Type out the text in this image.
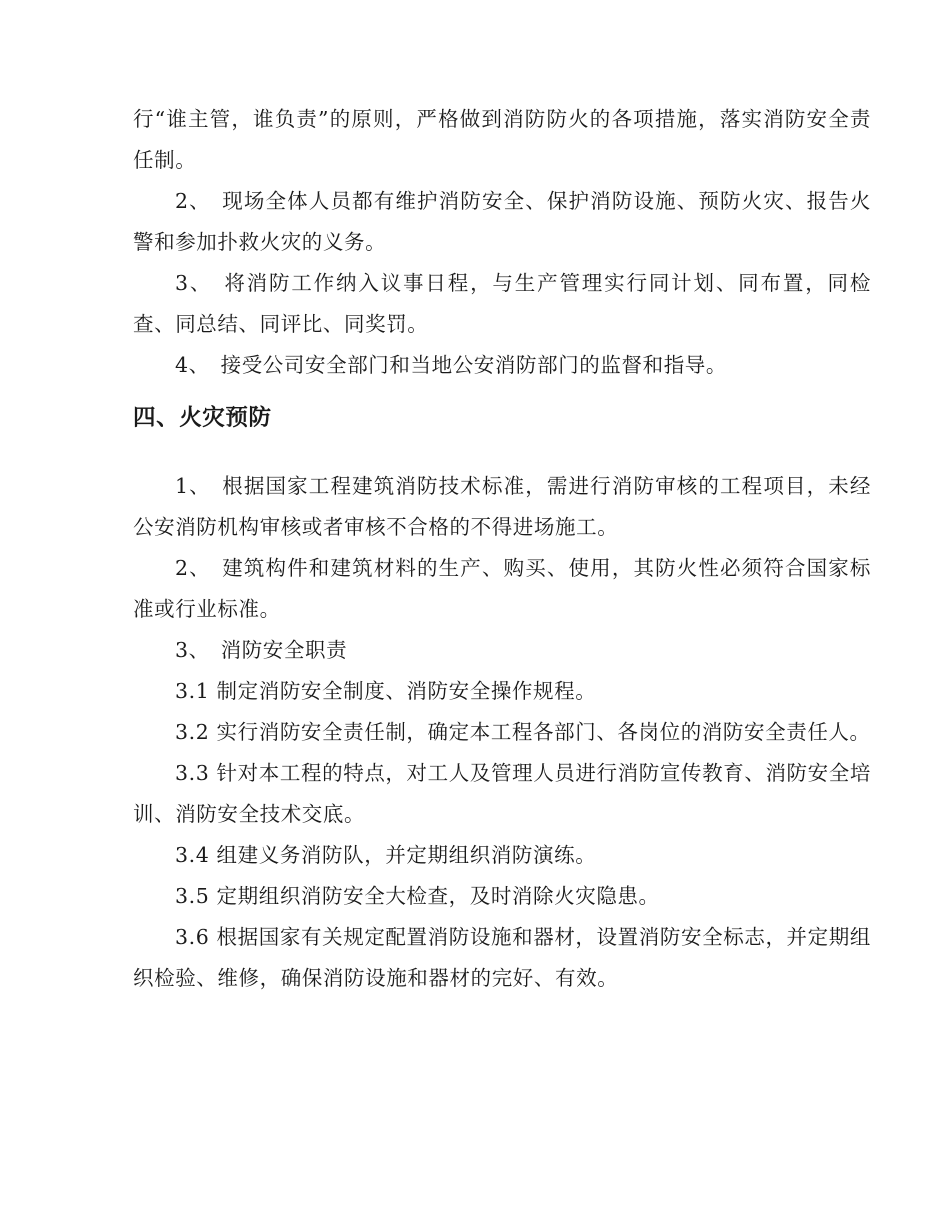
行“谁主管，谁负责”的原则，严格做到消防防火的各项措施，落实消防安全责任制。

2、　现场全体人员都有维护消防安全、保护消防设施、预防火灾、报告火警和参加扑救火灾的义务。

3、　将消防工作纳入议事日程，与生产管理实行同计划、同布置，同检查、同总结、同评比、同奖罚。

4、　接受公司安全部门和当地公安消防部门的监督和指导。

四、火灾预防

1、　根据国家工程建筑消防技术标准，需进行消防审核的工程项目，未经公安消防机构审核或者审核不合格的不得进场施工。

2、　建筑构件和建筑材料的生产、购买、使用，其防火性必须符合国家标准或行业标准。

3、　消防安全职责

3.1 制定消防安全制度、消防安全操作规程。

3.2 实行消防安全责任制，确定本工程各部门、各岗位的消防安全责任人。

3.3 针对本工程的特点，对工人及管理人员进行消防宣传教育、消防安全培训、消防安全技术交底。

3.4 组建义务消防队，并定期组织消防演练。

3.5 定期组织消防安全大检查，及时消除火灾隐患。

3.6 根据国家有关规定配置消防设施和器材，设置消防安全标志，并定期组织检验、维修，确保消防设施和器材的完好、有效。
